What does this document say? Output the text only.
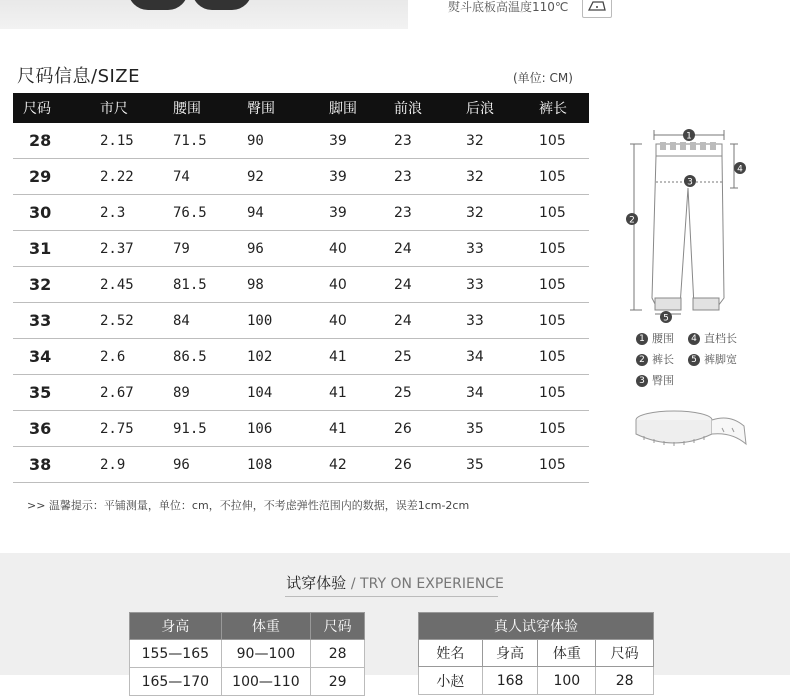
熨斗底板高温度110℃
尺码信息/SIZE	(单位: CM)
尺码	市尺	腰围	臀围	脚围	前浪	后浪	裤长
28	2.15	71.5	90	39	23	32	105
29	2.22	74	92	39	23	32	105
30	2.3	76.5	94	39	23	32	105
31	2.37	79	96	40	24	33	105
32	2.45	81.5	98	40	24	33	105
33	2.52	84	100	40	24	33	105
34	2.6	86.5	102	41	25	34	105
35	2.67	89	104	41	25	34	105
36	2.75	91.5	106	41	26	35	105
38	2.9	96	108	42	26	35	105
>> 温馨提示：平铺测量，单位：cm，不拉伸，不考虑弹性范围内的数据，误差1cm-2cm
1
2
3
4
5
1 腰围	4 直档长
2 裤长	5 裤脚宽
3 臀围
试穿体验 / TRY ON EXPERIENCE
身高	体重	尺码
155—165	90—100	28
165—170	100—110	29
真人试穿体验			
姓名	身高	体重	尺码
小赵	168	100	28
